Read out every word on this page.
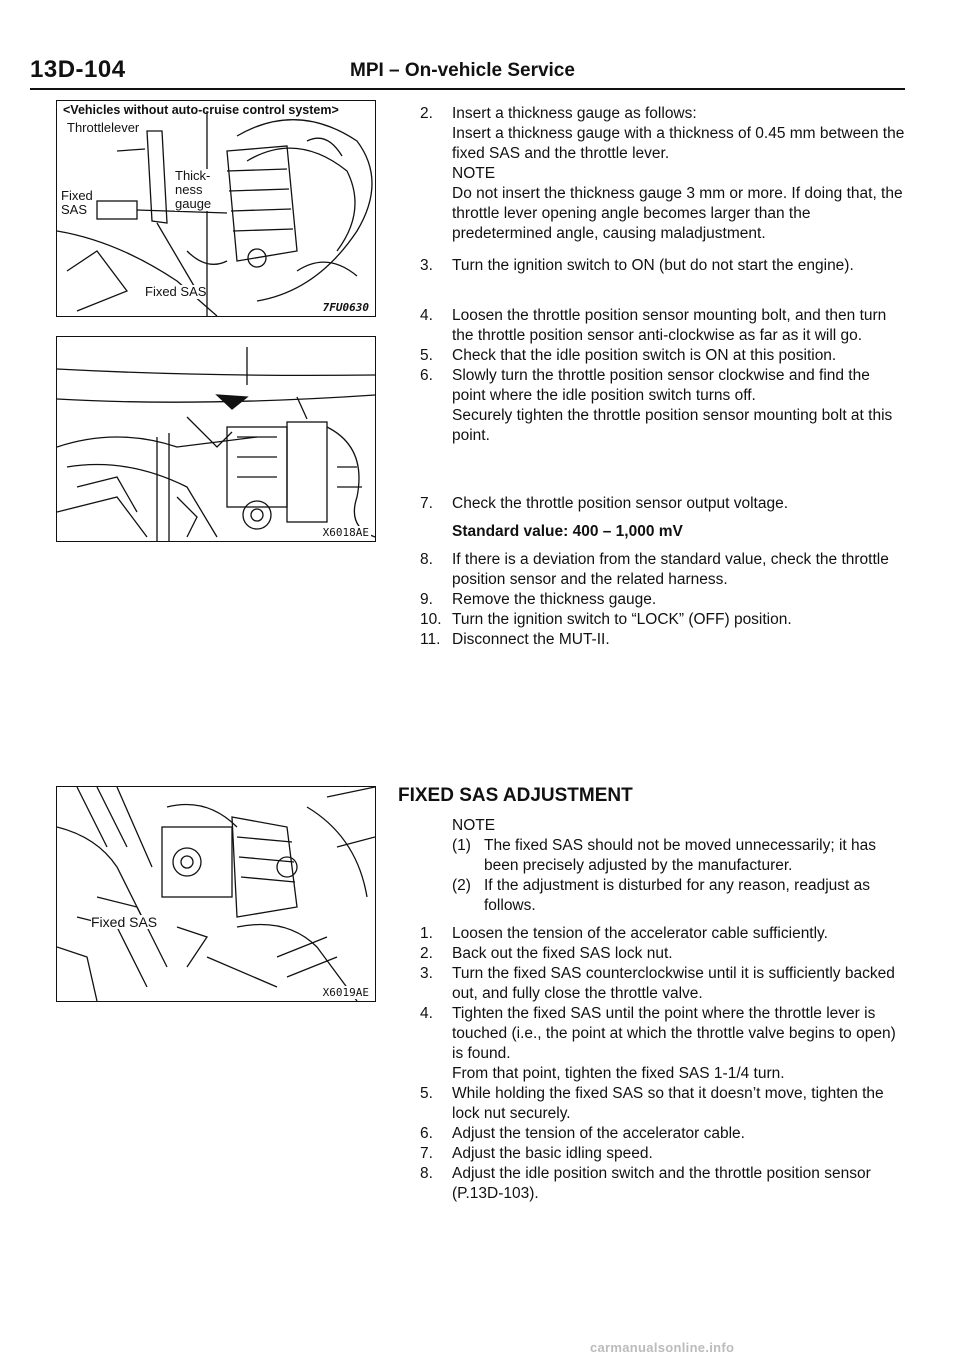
13D-104	MPI – On-vehicle Service
<Vehicles without auto-cruise control system>
Throttlelever
Thick-
ness
gauge
Fixed
SAS
Fixed SAS
7FU0630
X6018AE
Fixed SAS
X6019AE
2. Insert a thickness gauge as follows:
Insert a thickness gauge with a thickness of 0.45 mm between the fixed SAS and the throttle lever.
NOTE
Do not insert the thickness gauge 3 mm or more. If doing that, the throttle lever opening angle becomes larger than the predetermined angle, causing maladjustment.
3. Turn the ignition switch to ON (but do not start the engine).
4. Loosen the throttle position sensor mounting bolt, and then turn the throttle position sensor anti-clockwise as far as it will go.
5. Check that the idle position switch is ON at this position.
6. Slowly turn the throttle position sensor clockwise and find the point where the idle position switch turns off.
Securely tighten the throttle position sensor mounting bolt at this point.
7. Check the throttle position sensor output voltage.
Standard value: 400 – 1,000 mV
8. If there is a deviation from the standard value, check the throttle position sensor and the related harness.
9. Remove the thickness gauge.
10. Turn the ignition switch to “LOCK” (OFF) position.
11. Disconnect the MUT-II.
FIXED SAS ADJUSTMENT
NOTE
(1) The fixed SAS should not be moved unnecessarily; it has been precisely adjusted by the manufacturer.
(2) If the adjustment is disturbed for any reason, readjust as follows.
1. Loosen the tension of the accelerator cable sufficiently.
2. Back out the fixed SAS lock nut.
3. Turn the fixed SAS counterclockwise until it is sufficiently backed out, and fully close the throttle valve.
4. Tighten the fixed SAS until the point where the throttle lever is touched (i.e., the point at which the throttle valve begins to open) is found.
From that point, tighten the fixed SAS 1-1/4 turn.
5. While holding the fixed SAS so that it doesn’t move, tighten the lock nut securely.
6. Adjust the tension of the accelerator cable.
7. Adjust the basic idling speed.
8. Adjust the idle position switch and the throttle position sensor (P.13D-103).
carmanualsonline.info
